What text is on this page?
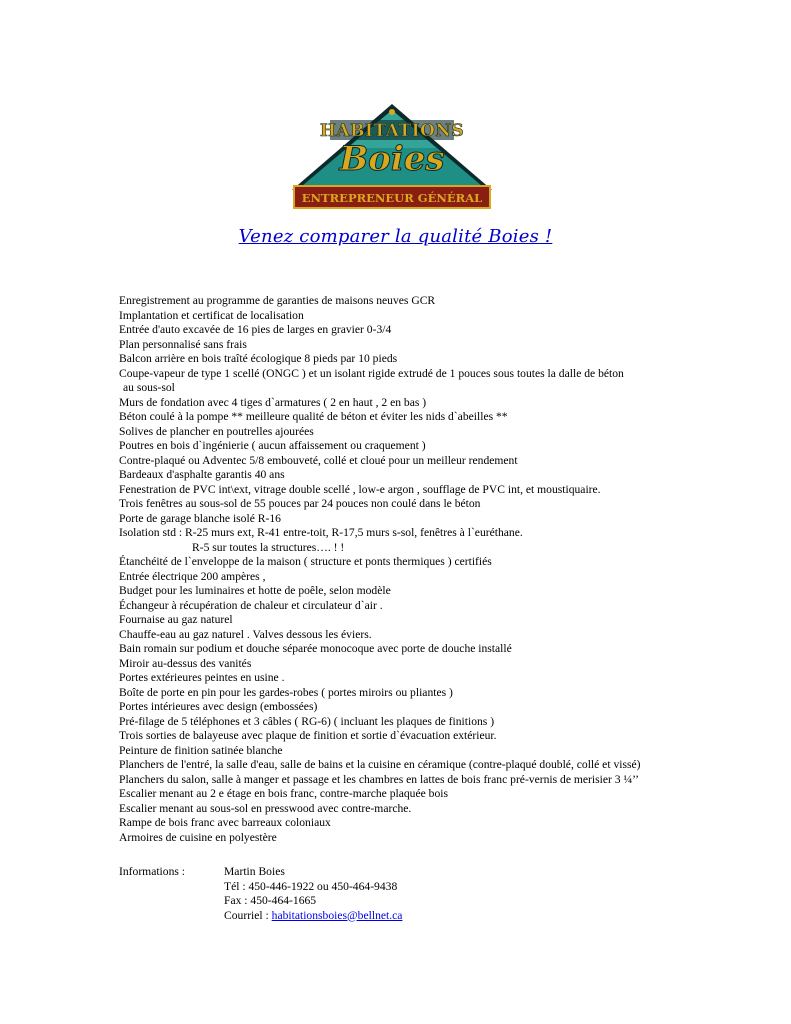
HABITATIONS
Boies
ENTREPRENEUR GÉNÉRAL
Venez comparer la qualité Boies !
Enregistrement au programme de garanties de maisons neuves GCR
Implantation et certificat de localisation
Entrée d'auto excavée de 16 pies de larges en gravier 0-3/4
Plan personnalisé sans frais
Balcon arrière en bois traîté écologique 8 pieds par 10 pieds
Coupe-vapeur de type 1 scellé (ONGC ) et un isolant rigide extrudé de 1 pouces sous toutes la dalle de béton
au sous-sol
Murs de fondation avec 4 tiges d`armatures ( 2 en haut , 2 en bas )
Béton coulé à la pompe ** meilleure qualité de béton et éviter les nids d`abeilles **
Solives de plancher en poutrelles ajourées
Poutres en bois d`ingénierie ( aucun affaissement ou craquement )
Contre-plaqué ou Adventec 5/8 embouveté, collé et cloué pour un meilleur rendement
Bardeaux d'asphalte garantis 40 ans
Fenestration de PVC int\ext, vitrage double scellé , low-e argon , soufflage de PVC int, et moustiquaire.
Trois fenêtres au sous-sol de 55 pouces par 24 pouces non coulé dans le béton
Porte de garage blanche isolé R-16
Isolation std : R-25 murs ext, R-41 entre-toit, R-17,5 murs s-sol, fenêtres à l`euréthane.
R-5 sur toutes la structures…. ! !
Étanchéité de l`enveloppe de la maison ( structure et ponts thermiques ) certifiés
Entrée électrique 200 ampères ,
Budget pour les luminaires et hotte de poêle, selon modèle
Échangeur à récupération de chaleur et circulateur d`air .
Fournaise au gaz naturel
Chauffe-eau au gaz naturel . Valves dessous les éviers.
Bain romain sur podium et douche séparée monocoque avec porte de douche installé
Miroir au-dessus des vanités
Portes extérieures peintes en usine .
Boîte de porte en pin pour les gardes-robes ( portes miroirs ou pliantes )
Portes intérieures avec design (embossées)
Pré-filage de 5 téléphones et 3 câbles ( RG-6) ( incluant les plaques de finitions )
Trois sorties de balayeuse avec plaque de finition et sortie d`évacuation extérieur.
Peinture de finition satinée blanche
Planchers de l'entré, la salle d'eau, salle de bains et la cuisine en céramique (contre-plaqué doublé, collé et vissé)
Planchers du salon, salle à manger et passage et les chambres en lattes de bois franc pré-vernis de merisier 3 ¼’’
Escalier menant au 2 e étage en bois franc, contre-marche plaquée bois
Escalier menant au sous-sol en presswood avec contre-marche.
Rampe de bois franc avec barreaux coloniaux
Armoires de cuisine en polyestère
Informations :	Martin Boies
Tél : 450-446-1922 ou 450-464-9438
Fax : 450-464-1665
Courriel : habitationsboies@bellnet.ca
